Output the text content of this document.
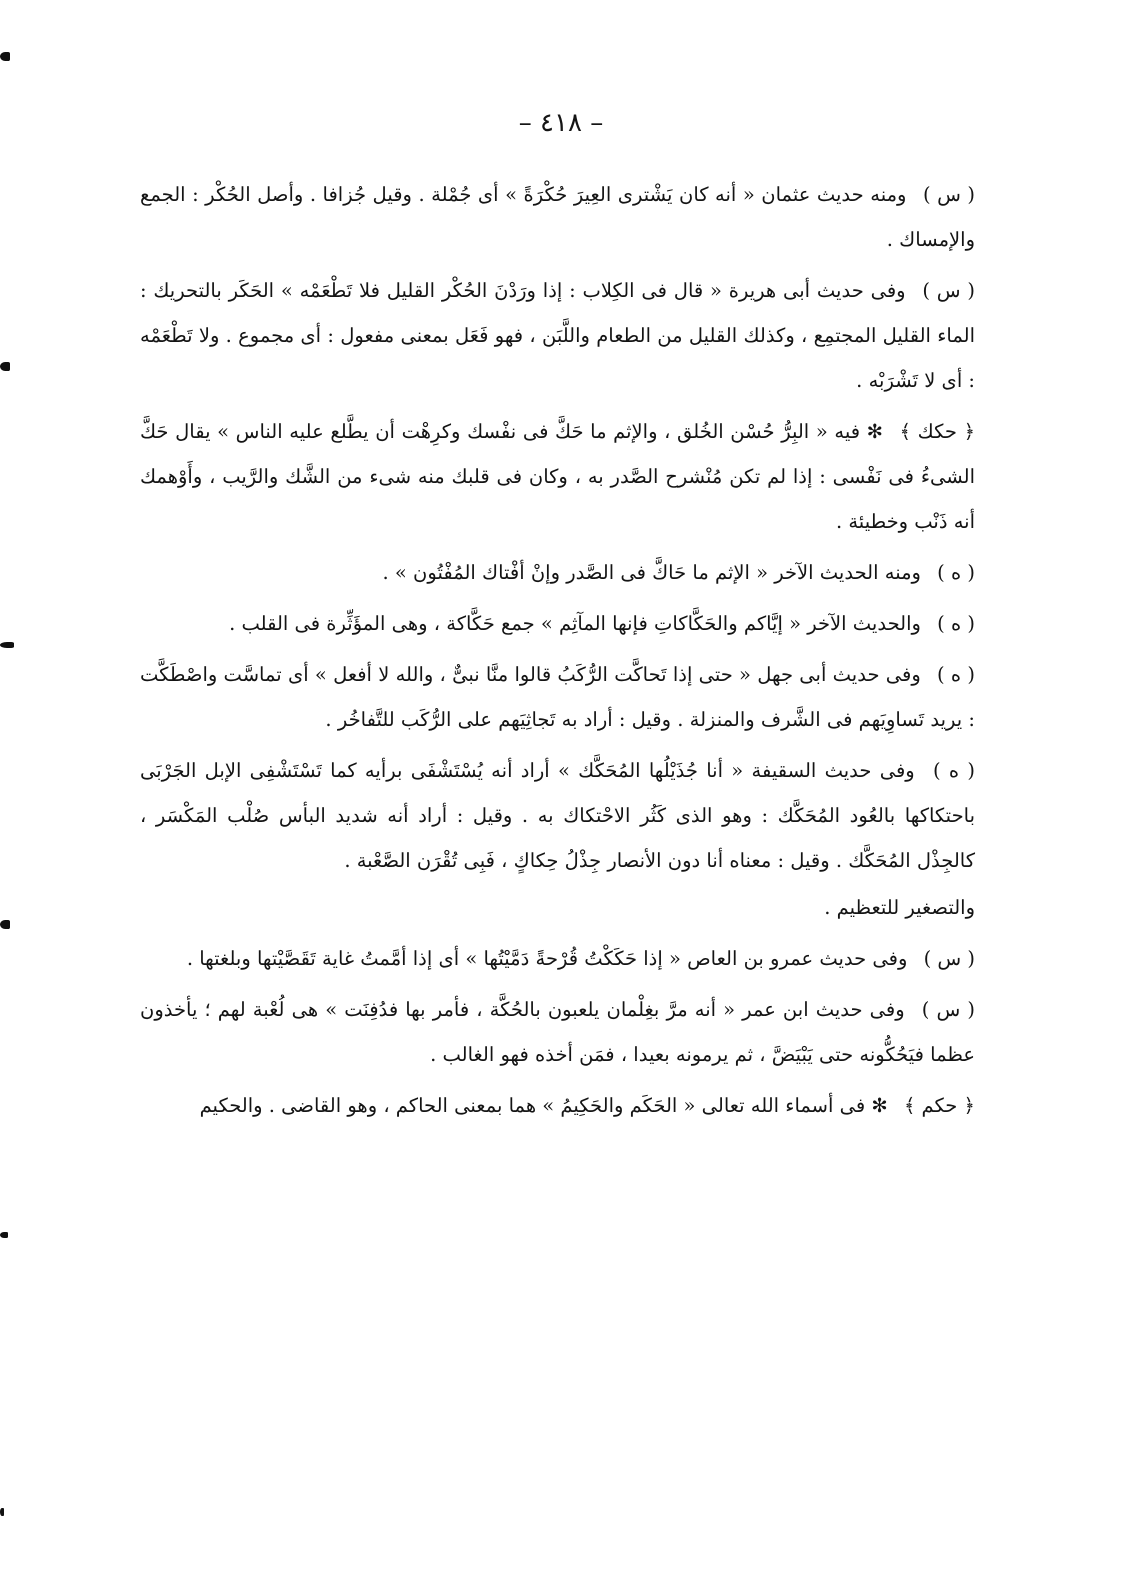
– ٤١٨ –

( س ) ومنه حديث عثمان « أنه كان يَشْترى العِيرَ حُكْرَةً » أى جُمْلة . وقيل جُزافا . وأصل الحُكْر : الجمع والإمساك .

( س ) وفى حديث أبى هريرة « قال فى الكِلاب : إذا ورَدْنَ الحُكْر القليل فلا تَطْعَمْه » الحَكَر بالتحريك : الماء القليل المجتمِع ، وكذلك القليل من الطعام واللَّبَن ، فهو فَعَل بمعنى مفعول : أى مجموع . ولا تَطْعَمْه : أى لا تَشْرَبْه .

﴿ حكك ﴾ ✻ فيه « البِرُّ حُسْن الخُلق ، والإثم ما حَكَّ فى نفْسك وكرِهْت أن يطَّلع عليه الناس » يقال حَكَّ الشىءُ فى نَفْسى : إذا لم تكن مُنْشرح الصَّدر به ، وكان فى قلبك منه شىء من الشَّك والرَّيب ، وأَوْهمك أنه ذَنْب وخطيئة .

( ه ) ومنه الحديث الآخر « الإثم ما حَاكَّ فى الصَّدر وإنْ أفْتاك المُفْتُون » .

( ه ) والحديث الآخر « إيَّاكم والحَكَّاكاتِ فإنها المآثِم » جمع حَكَّاكة ، وهى المؤَثِّرة فى القلب .

( ه ) وفى حديث أبى جهل « حتى إذا تَحاكَّت الرُّكَبُ قالوا منَّا نبىٌّ ، والله لا أفعل » أى تماسَّت واصْطَكَّت : يريد تَساوِيَهم فى الشَّرف والمنزلة . وقيل : أراد به تَجاثِيَهم على الرُّكَب للتَّفاخُر .

( ه ) وفى حديث السقيفة « أنا جُذَيْلُها المُحَكَّك » أراد أنه يُسْتَشْفَى برأيه كما تَسْتَشْفِى الإبل الجَرْبَى باحتكاكها بالعُود المُحَكَّك : وهو الذى كَثُر الاحْتكاك به . وقيل : أراد أنه شديد البأس صُلْب المَكْسَر ، كالجِذْل المُحَكَّك . وقيل : معناه أنا دون الأنصار جِذْلُ حِكاكٍ ، فَبِى تُقْرَن الصَّعْبة .

والتصغير للتعظيم .

( س ) وفى حديث عمرو بن العاص « إذا حَكَكْتُ قُرْحةً دَمَّيْتُها » أى إذا أمَّمتُ غاية تَقَصَّيْتها وبلغتها .

( س ) وفى حديث ابن عمر « أنه مرَّ بغِلْمان يلعبون بالحُكَّة ، فأمر بها فدُفِنَت » هى لُعْبة لهم ؛ يأخذون عظما فيَحُكُّونه حتى يَبْيَضَّ ، ثم يرمونه بعيدا ، فمَن أخذه فهو الغالب .

﴿ حكم ﴾ ✻ فى أسماء الله تعالى « الحَكَم والحَكِيمُ » هما بمعنى الحاكم ، وهو القاضى . والحكيم
